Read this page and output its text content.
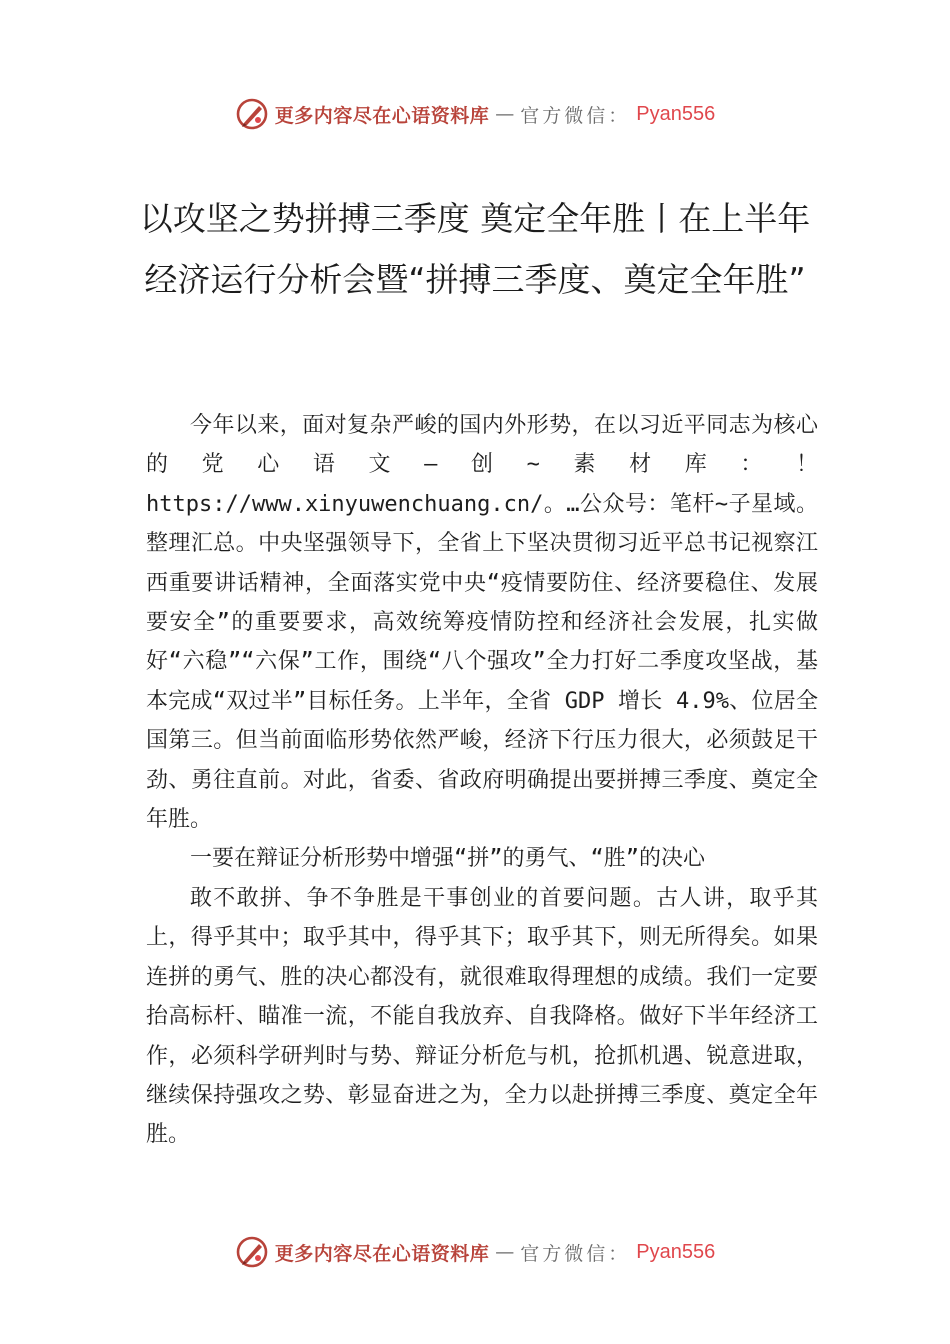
更多内容尽在心语资料库 — 官方微信： Pyan556
以攻坚之势拼搏三季度 奠定全年胜丨在上半年经济运行分析会暨“拼搏三季度、奠定全年胜”

今年以来，面对复杂严峻的国内外形势，在以习近平同志为核心的党心语文—创~素材库：！https://www.xinyuwenchuang.cn/。…公众号：笔杆~子星域。整理汇总。中央坚强领导下，全省上下坚决贯彻习近平总书记视察江西重要讲话精神，全面落实党中央“疫情要防住、经济要稳住、发展要安全”的重要要求，高效统筹疫情防控和经济社会发展，扎实做好“六稳”“六保”工作，围绕“八个强攻”全力打好二季度攻坚战，基本完成“双过半”目标任务。上半年，全省 GDP 增长 4.9%、位居全国第三。但当前面临形势依然严峻，经济下行压力很大，必须鼓足干劲、勇往直前。对此，省委、省政府明确提出要拼搏三季度、奠定全年胜。

一要在辩证分析形势中增强“拼”的勇气、“胜”的决心

敢不敢拼、争不争胜是干事创业的首要问题。古人讲，取乎其上，得乎其中；取乎其中，得乎其下；取乎其下，则无所得矣。如果连拼的勇气、胜的决心都没有，就很难取得理想的成绩。我们一定要抬高标杆、瞄准一流，不能自我放弃、自我降格。做好下半年经济工作，必须科学研判时与势、辩证分析危与机，抢抓机遇、锐意进取，继续保持强攻之势、彰显奋进之为，全力以赴拼搏三季度、奠定全年胜。

更多内容尽在心语资料库 — 官方微信： Pyan556
